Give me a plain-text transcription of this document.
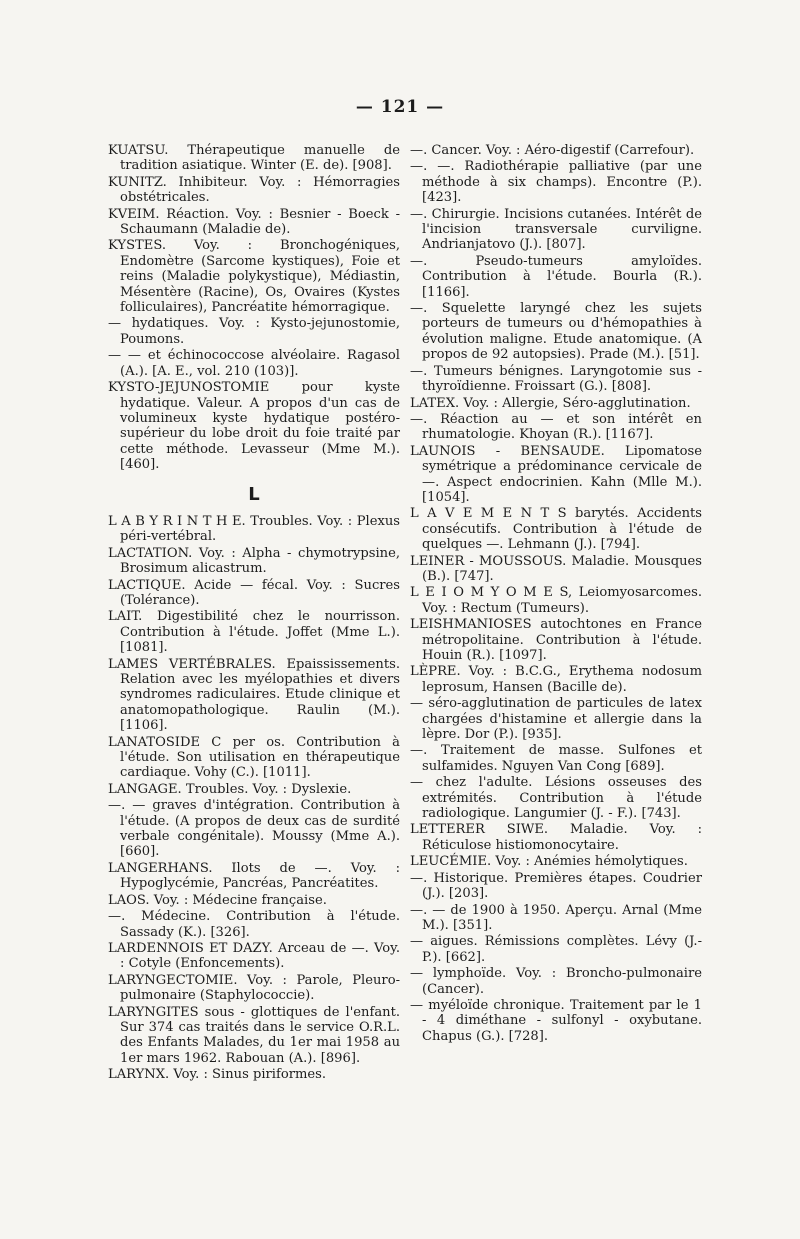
— 121 —

KUATSU. Thérapeutique manuelle de tradition asiatique. Winter (E. de). [908].

KUNITZ. Inhibiteur. Voy. : Hémorragies obstétricales.

KVEIM. Réaction. Voy. : Besnier - Boeck - Schaumann (Maladie de).

KYSTES. Voy. : Bronchogéniques, Endomètre (Sarcome kystiques), Foie et reins (Maladie polykystique), Médiastin, Mésentère (Racine), Os, Ovaires (Kystes folliculaires), Pancréatite hémorragique.

— hydatiques. Voy. : Kysto-jejunostomie, Poumons.

— — et échinococcose alvéolaire. Ragasol (A.). [A. E., vol. 210 (103)].

KYSTO-JEJUNOSTOMIE pour kyste hydatique. Valeur. A propos d'un cas de volumineux kyste hydatique postéro-supérieur du lobe droit du foie traité par cette méthode. Levasseur (Mme M.). [460].

L

L A B Y R I N T H E. Troubles. Voy. : Plexus péri-vertébral.

LACTATION. Voy. : Alpha - chymotrypsine, Brosimum alicastrum.

LACTIQUE. Acide — fécal. Voy. : Sucres (Tolérance).

LAIT. Digestibilité chez le nourrisson. Contribution à l'étude. Joffet (Mme L.). [1081].

LAMES VERTÉBRALES. Epaississements. Relation avec les myélopathies et divers syndromes radiculaires. Etude clinique et anatomopathologique. Raulin (M.). [1106].

LANATOSIDE C per os. Contribution à l'étude. Son utilisation en thérapeutique cardiaque. Vohy (C.). [1011].

LANGAGE. Troubles. Voy. : Dyslexie.

—. — graves d'intégration. Contribution à l'étude. (A propos de deux cas de surdité verbale congénitale). Moussy (Mme A.). [660].

LANGERHANS. Ilots de —. Voy. : Hypoglycémie, Pancréas, Pancréatites.

LAOS. Voy. : Médecine française.

—. Médecine. Contribution à l'étude. Sassady (K.). [326].

LARDENNOIS ET DAZY. Arceau de —. Voy. : Cotyle (Enfoncements).

LARYNGECTOMIE. Voy. : Parole, Pleuro-pulmonaire (Staphylococcie).

LARYNGITES sous - glottiques de l'enfant. Sur 374 cas traités dans le service O.R.L. des Enfants Malades, du 1er mai 1958 au 1er mars 1962. Rabouan (A.). [896].

LARYNX. Voy. : Sinus piriformes.

—. Cancer. Voy. : Aéro-digestif (Carrefour).

—. —. Radiothérapie palliative (par une méthode à six champs). Encontre (P.). [423].

—. Chirurgie. Incisions cutanées. Intérêt de l'incision transversale curviligne. Andrianjatovo (J.). [807].

—. Pseudo-tumeurs amyloïdes. Contribution à l'étude. Bourla (R.). [1166].

—. Squelette laryngé chez les sujets porteurs de tumeurs ou d'hémopathies à évolution maligne. Etude anatomique. (A propos de 92 autopsies). Prade (M.). [51].

—. Tumeurs bénignes. Laryngotomie sus - thyroïdienne. Froissart (G.). [808].

LATEX. Voy. : Allergie, Séro-agglutination.

—. Réaction au — et son intérêt en rhumatologie. Khoyan (R.). [1167].

LAUNOIS - BENSAUDE. Lipomatose symétrique a prédominance cervicale de —. Aspect endocrinien. Kahn (Mlle M.). [1054].

L A V E M E N T S barytés. Accidents consécutifs. Contribution à l'étude de quelques —. Lehmann (J.). [794].

LEINER - MOUSSOUS. Maladie. Mousques (B.). [747].

L E I O M Y O M E S, Leiomyosarcomes. Voy. : Rectum (Tumeurs).

LEISHMANIOSES autochtones en France métropolitaine. Contribution à l'étude. Houin (R.). [1097].

LÈPRE. Voy. : B.C.G., Erythema nodosum leprosum, Hansen (Bacille de).

— séro-agglutination de particules de latex chargées d'histamine et allergie dans la lèpre. Dor (P.). [935].

—. Traitement de masse. Sulfones et sulfamides. Nguyen Van Cong [689].

— chez l'adulte. Lésions osseuses des extrémités. Contribution à l'étude radiologique. Langumier (J. - F.). [743].

LETTERER SIWE. Maladie. Voy. : Réticulose histiomonocytaire.

LEUCÉMIE. Voy. : Anémies hémolytiques.

—. Historique. Premières étapes. Coudrier (J.). [203].

—. — de 1900 à 1950. Aperçu. Arnal (Mme M.). [351].

— aigues. Rémissions complètes. Lévy (J.-P.). [662].

— lymphoïde. Voy. : Broncho-pulmonaire (Cancer).

— myéloïde chronique. Traitement par le 1 - 4 diméthane - sulfonyl - oxybutane. Chapus (G.). [728].
